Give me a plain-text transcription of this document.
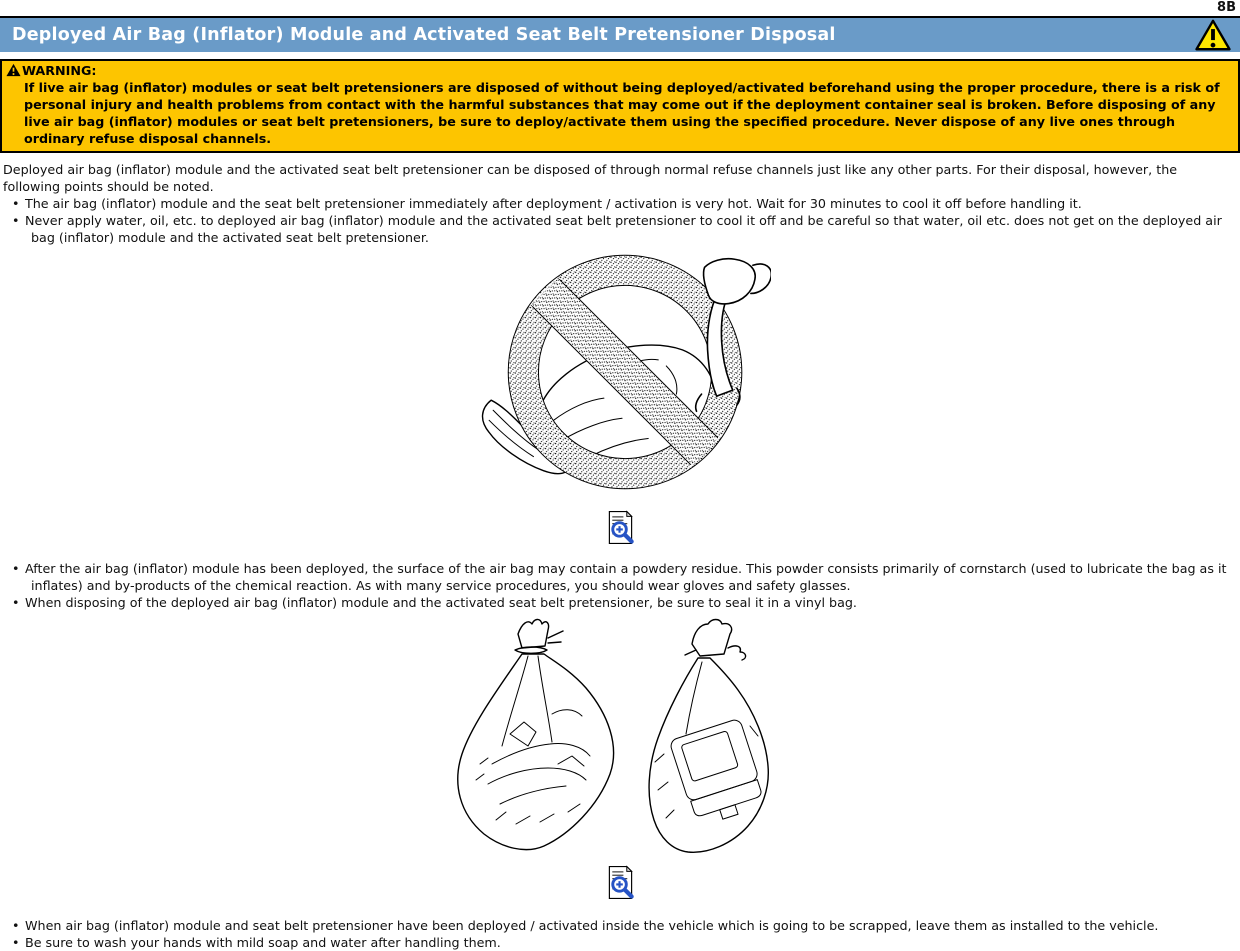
8B
Deployed Air Bag (Inflator) Module and Activated Seat Belt Pretensioner Disposal
WARNING:
If live air bag (inflator) modules or seat belt pretensioners are disposed of without being deployed/activated beforehand using the proper procedure, there is a risk of personal injury and health problems from contact with the harmful substances that may come out if the deployment container seal is broken. Before disposing of any live air bag (inflator) modules or seat belt pretensioners, be sure to deploy/activate them using the specified procedure. Never dispose of any live ones through ordinary refuse disposal channels.

Deployed air bag (inflator) module and the activated seat belt pretensioner can be disposed of through normal refuse channels just like any other parts. For their disposal, however, the following points should be noted.

• The air bag (inflator) module and the seat belt pretensioner immediately after deployment / activation is very hot. Wait for 30 minutes to cool it off before handling it.
• Never apply water, oil, etc. to deployed air bag (inflator) module and the activated seat belt pretensioner to cool it off and be careful so that water, oil etc. does not get on the deployed air bag (inflator) module and the activated seat belt pretensioner.
• After the air bag (inflator) module has been deployed, the surface of the air bag may contain a powdery residue. This powder consists primarily of cornstarch (used to lubricate the bag as it inflates) and by-products of the chemical reaction. As with many service procedures, you should wear gloves and safety glasses.
• When disposing of the deployed air bag (inflator) module and the activated seat belt pretensioner, be sure to seal it in a vinyl bag.
• When air bag (inflator) module and seat belt pretensioner have been deployed / activated inside the vehicle which is going to be scrapped, leave them as installed to the vehicle.
• Be sure to wash your hands with mild soap and water after handling them.
